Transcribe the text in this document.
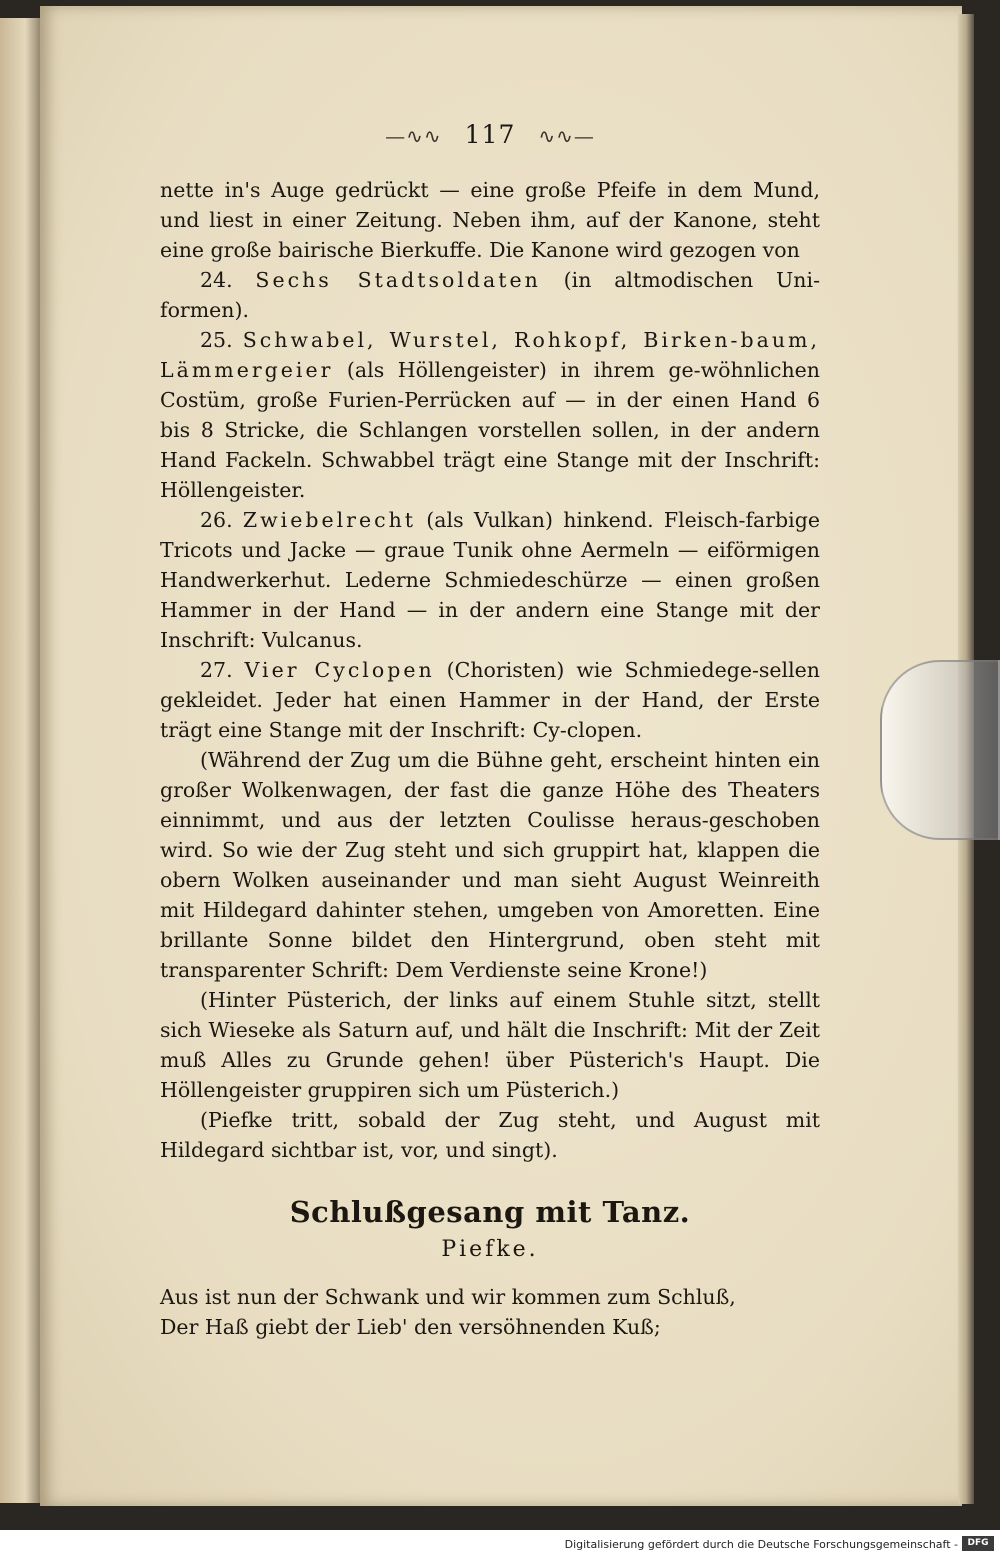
—∿∿ 117 ∿∿—

nette in's Auge gedrückt — eine große Pfeife in dem Mund, und liest in einer Zeitung. Neben ihm, auf der Kanone, steht eine große bairische Bierkuffe. Die Kanone wird gezogen von

24. Sechs Stadtsoldaten (in altmodischen Uni-formen).

25. Schwabel, Wurstel, Rohkopf, Birken-baum, Lämmergeier (als Höllengeister) in ihrem ge-wöhnlichen Costüm, große Furien-Perrücken auf — in der einen Hand 6 bis 8 Stricke, die Schlangen vorstellen sollen, in der andern Hand Fackeln. Schwabbel trägt eine Stange mit der Inschrift: Höllengeister.

26. Zwiebelrecht (als Vulkan) hinkend. Fleisch-farbige Tricots und Jacke — graue Tunik ohne Aermeln — eiförmigen Handwerkerhut. Lederne Schmiedeschürze — einen großen Hammer in der Hand — in der andern eine Stange mit der Inschrift: Vulcanus.

27. Vier Cyclopen (Choristen) wie Schmiedege-sellen gekleidet. Jeder hat einen Hammer in der Hand, der Erste trägt eine Stange mit der Inschrift: Cy-clopen.

(Während der Zug um die Bühne geht, erscheint hinten ein großer Wolkenwagen, der fast die ganze Höhe des Theaters einnimmt, und aus der letzten Coulisse heraus-geschoben wird. So wie der Zug steht und sich gruppirt hat, klappen die obern Wolken auseinander und man sieht August Weinreith mit Hildegard dahinter stehen, umgeben von Amoretten. Eine brillante Sonne bildet den Hintergrund, oben steht mit transparenter Schrift: Dem Verdienste seine Krone!)

(Hinter Püsterich, der links auf einem Stuhle sitzt, stellt sich Wieseke als Saturn auf, und hält die Inschrift: Mit der Zeit muß Alles zu Grunde gehen! über Püsterich's Haupt. Die Höllengeister gruppiren sich um Püsterich.)

(Piefke tritt, sobald der Zug steht, und August mit Hildegard sichtbar ist, vor, und singt).

Schlußgesang mit Tanz.
Piefke.

Aus ist nun der Schwank und wir kommen zum Schluß,

Der Haß giebt der Lieb' den versöhnenden Kuß;

Digitalisierung gefördert durch die Deutsche Forschungsgemeinschaft -	DFG
